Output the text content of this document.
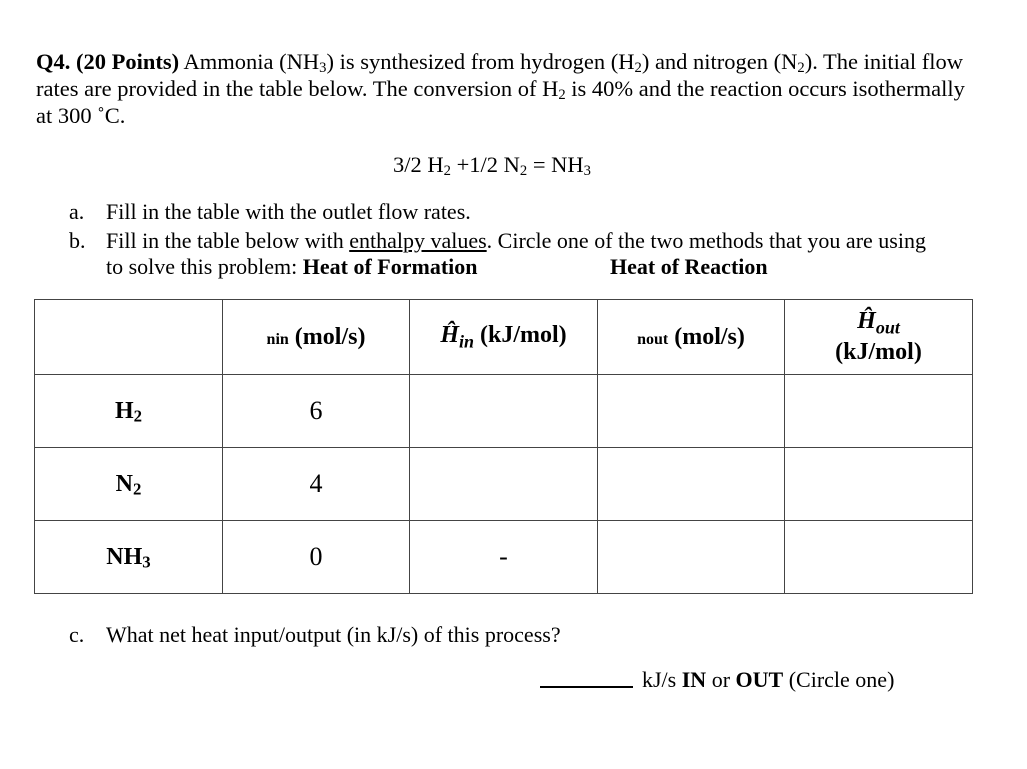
Q4. (20 Points) Ammonia $(NH_3)$ is synthesized from hydrogen $(H_2)$ and nitrogen $(N_2)$. The initial flow rates are provided in the table below. The conversion of $H_2$ is 40% and the reaction occurs isothermally at 300 ˚C.
3/2 $H_2 +1/2$ $N_2 = NH_3$
a. Fill in the table with the outlet flow rates.
b. Fill in the table below with enthalpy values. Circle one of the two methods that you are using
to solve this problem: Heat of Formation	Heat of Reaction
	nin (mol/s)	$Ĥ_{in}$ (kJ/mol)	nout (mol/s)	$Ĥ_{out}$
(kJ/mol)

$H_2$	6			
$N_2$	4			
$NH_3$	0	-		
c. What net heat input/output (in kJ/s) of this process?
kJ/s IN or OUT (Circle one)
